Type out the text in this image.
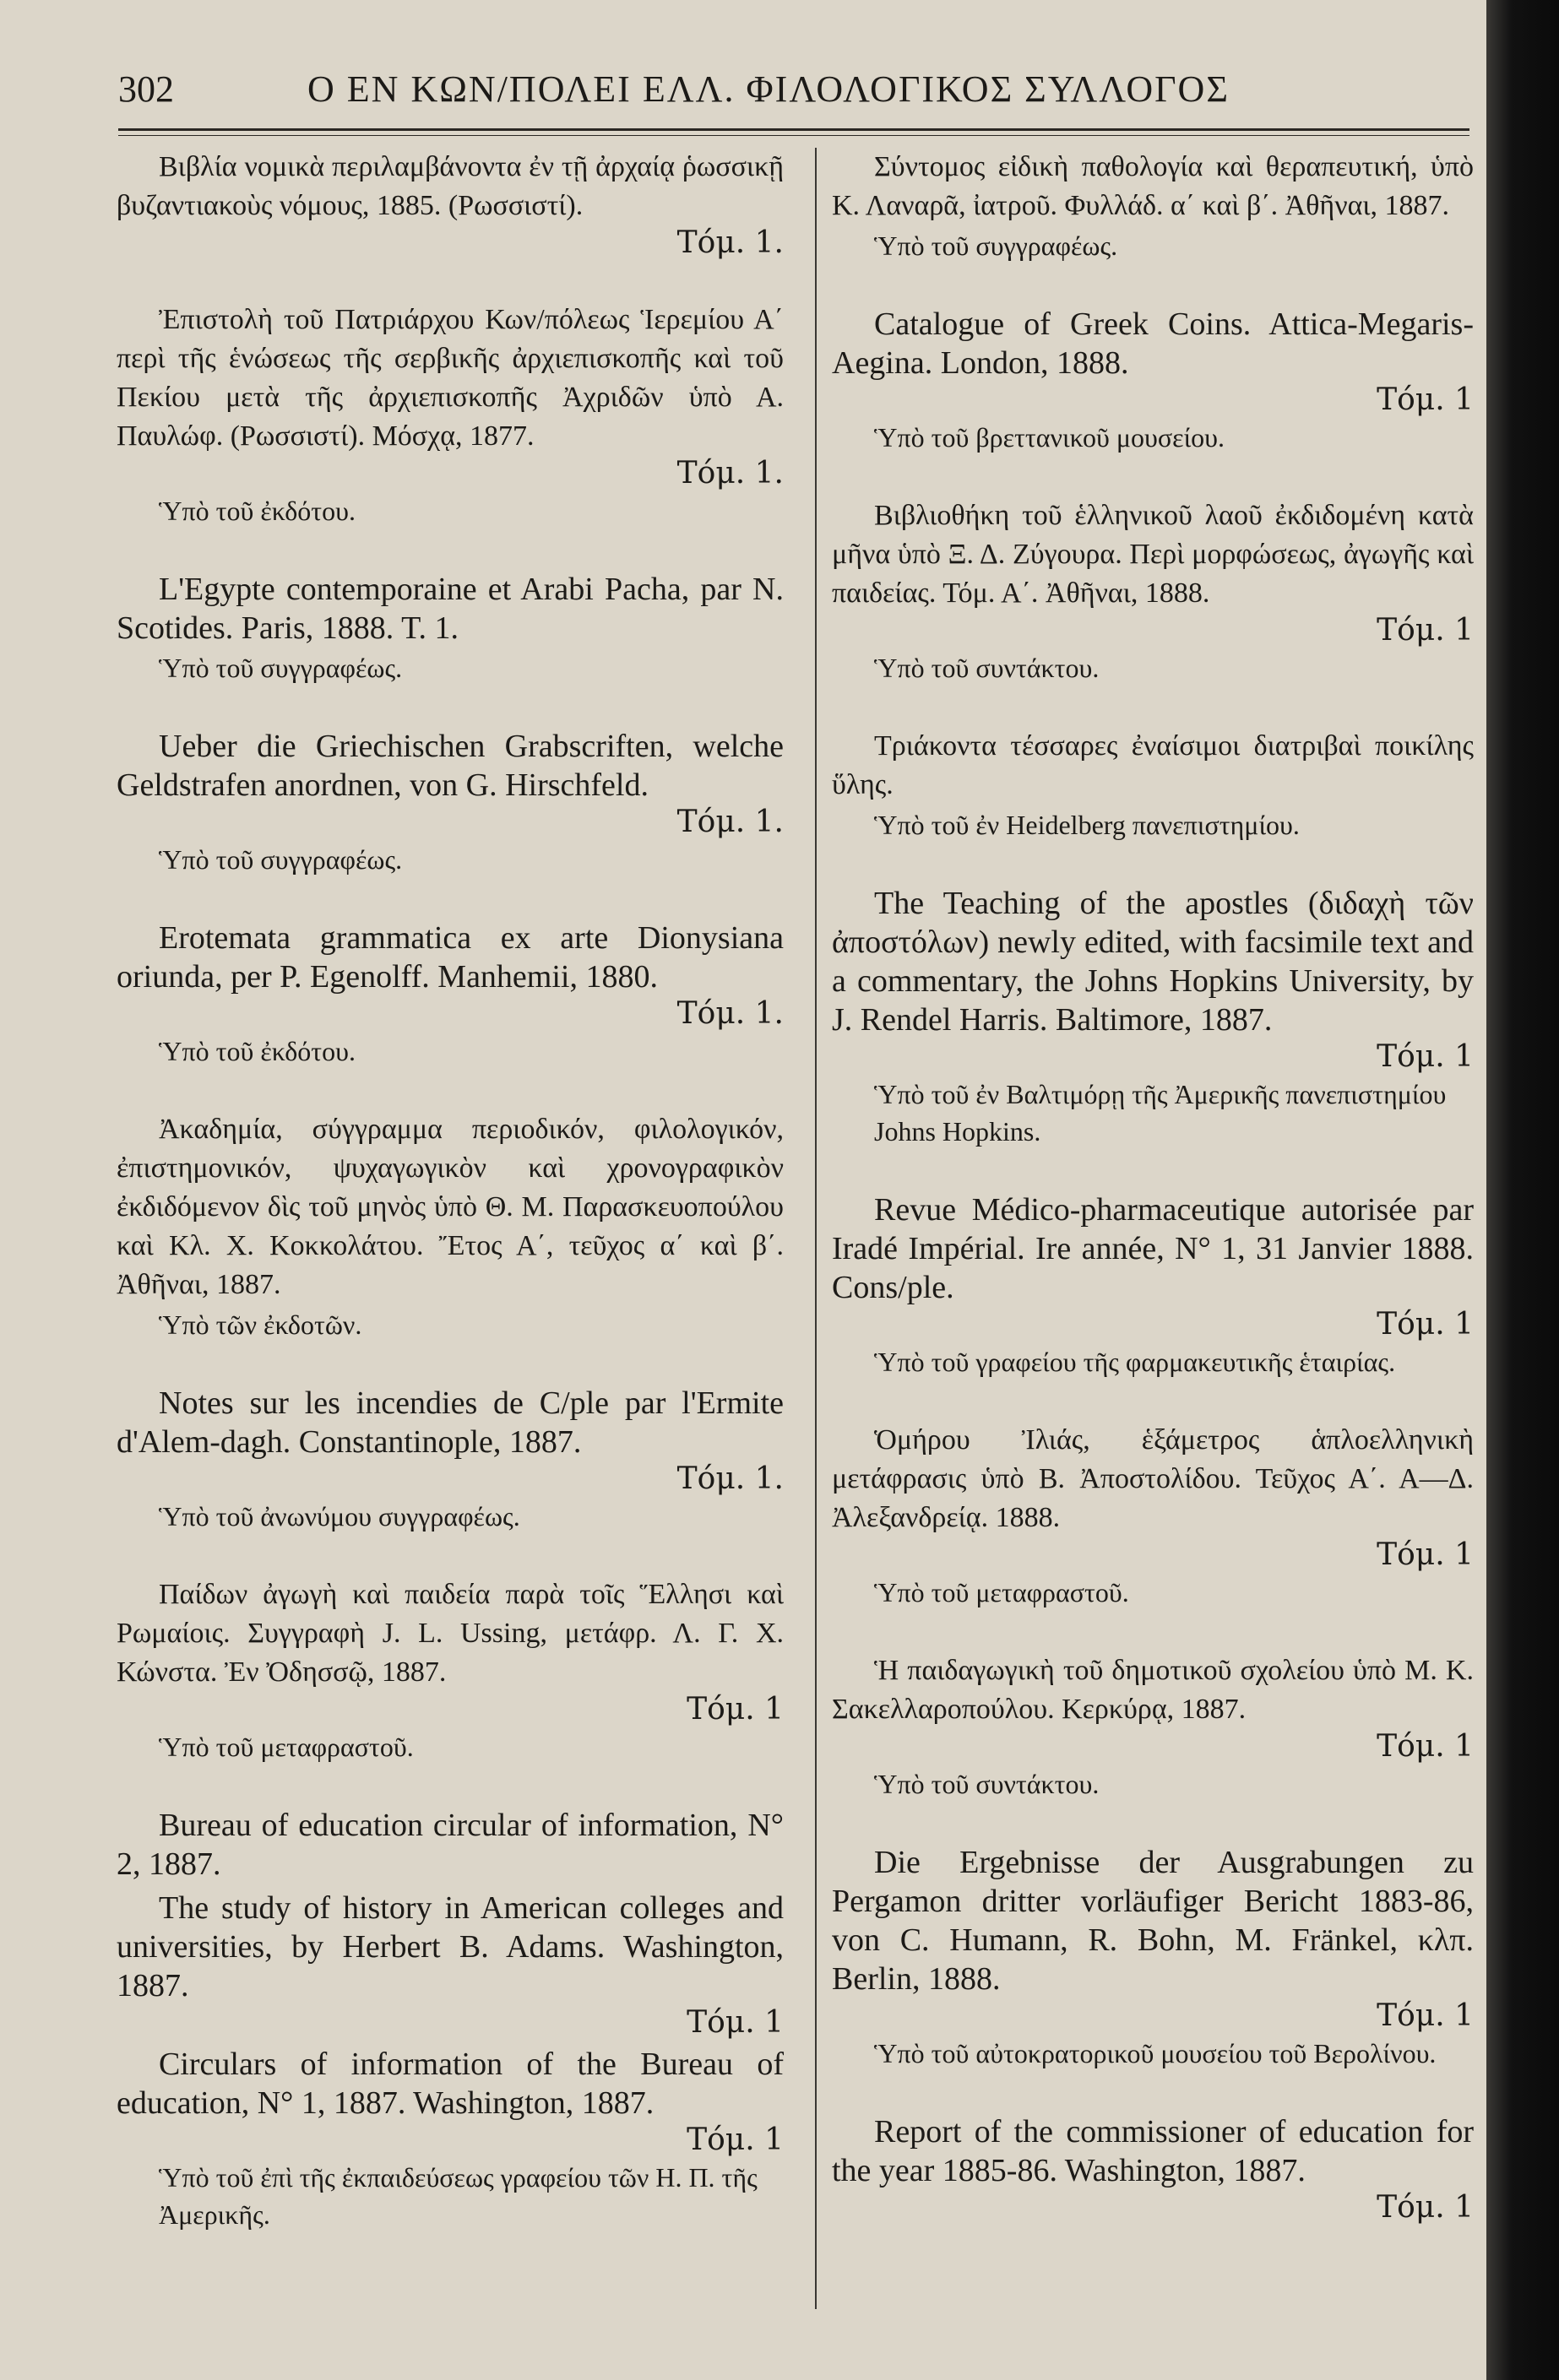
302	Ο ΕΝ ΚΩΝ/ΠΟΛΕΙ ΕΛΛ. ΦΙΛΟΛΟΓΙΚΟΣ ΣΥΛΛΟΓΟΣ

Βιβλία νομικὰ περιλαμβάνοντα ἐν τῇ ἀρχαίᾳ ῥωσσικῇ βυζαντιακοὺς νόμους, 1885. (Ρωσσιστί).

Τόμ. 1.

Ἐπιστολὴ τοῦ Πατριάρχου Κων/πόλεως Ἱερεμίου Α΄ περὶ τῆς ἑνώσεως τῆς σερβικῆς ἀρχιεπισκοπῆς καὶ τοῦ Πεκίου μετὰ τῆς ἀρχιεπισκοπῆς Ἀχριδῶν ὑπὸ Α. Παυλώφ. (Ρωσσιστί). Μόσχᾳ, 1877.

Τόμ. 1.

Ὑπὸ τοῦ ἐκδότου.

L'Egypte contemporaine et Arabi Pacha, par N. Scotides. Paris, 1888. T. 1.

Ὑπὸ τοῦ συγγραφέως.

Ueber die Griechischen Grabscriften, welche Geldstrafen anordnen, von G. Hirschfeld.

Τόμ. 1.

Ὑπὸ τοῦ συγγραφέως.

Erotemata grammatica ex arte Dionysiana oriunda, per P. Egenolff. Manhemii, 1880.

Τόμ. 1.

Ὑπὸ τοῦ ἐκδότου.

Ἀκαδημία, σύγγραμμα περιοδικόν, φιλολογικόν, ἐπιστημονικόν, ψυχαγωγικὸν καὶ χρονογραφικὸν ἐκδιδόμενον δὶς τοῦ μηνὸς ὑπὸ Θ. Μ. Παρασκευοπούλου καὶ Κλ. Χ. Κοκκολάτου. Ἔτος Α΄, τεῦχος α΄ καὶ β΄. Ἀθῆναι, 1887.

Ὑπὸ τῶν ἐκδοτῶν.

Notes sur les incendies de C/ple par l'Ermite d'Alem-dagh. Constantinople, 1887.

Τόμ. 1.

Ὑπὸ τοῦ ἀνωνύμου συγγραφέως.

Παίδων ἀγωγὴ καὶ παιδεία παρὰ τοῖς Ἕλλησι καὶ Ρωμαίοις. Συγγραφὴ J. L. Ussing, μετάφρ. Λ. Γ. Χ. Κώνστα. Ἐν Ὀδησσῷ, 1887.

Τόμ. 1

Ὑπὸ τοῦ μεταφραστοῦ.

Bureau of education circular of information, N° 2, 1887.

The study of history in American colleges and universities, by Herbert B. Adams. Washington, 1887.

Τόμ. 1

Circulars of information of the Bureau of education, N° 1, 1887. Washington, 1887.

Τόμ. 1

Ὑπὸ τοῦ ἐπὶ τῆς ἐκπαιδεύσεως γραφείου τῶν Η. Π. τῆς Ἀμερικῆς.

Σύντομος εἰδικὴ παθολογία καὶ θεραπευτική, ὑπὸ Κ. Λαναρᾶ, ἰατροῦ. Φυλλάδ. α΄ καὶ β΄. Ἀθῆναι, 1887.

Ὑπὸ τοῦ συγγραφέως.

Catalogue of Greek Coins. Attica-Megaris-Aegina. London, 1888.

Τόμ. 1

Ὑπὸ τοῦ βρεττανικοῦ μουσείου.

Βιβλιοθήκη τοῦ ἑλληνικοῦ λαοῦ ἐκδιδομένη κατὰ μῆνα ὑπὸ Ξ. Δ. Ζύγουρα. Περὶ μορφώσεως, ἀγωγῆς καὶ παιδείας. Τόμ. Α΄. Ἀθῆναι, 1888.

Τόμ. 1

Ὑπὸ τοῦ συντάκτου.

Τριάκοντα τέσσαρες ἐναίσιμοι διατριβαὶ ποικίλης ὕλης.

Ὑπὸ τοῦ ἐν Heidelberg πανεπιστημίου.

The Teaching of the apostles (διδαχὴ τῶν ἀποστόλων) newly edited, with facsimile text and a commentary, the Johns Hopkins University, by J. Rendel Harris. Baltimore, 1887.

Τόμ. 1

Ὑπὸ τοῦ ἐν Βαλτιμόρῃ τῆς Ἀμερικῆς πανεπιστημίου Johns Hopkins.

Revue Médico-pharmaceutique autorisée par Iradé Impérial. Ire année, N° 1, 31 Janvier 1888. Cons/ple.

Τόμ. 1

Ὑπὸ τοῦ γραφείου τῆς φαρμακευτικῆς ἑταιρίας.

Ὁμήρου Ἰλιάς, ἑξάμετρος ἁπλοελληνικὴ μετάφρασις ὑπὸ Β. Ἀποστολίδου. Τεῦχος Α΄. Α—Δ. Ἀλεξανδρείᾳ. 1888.

Τόμ. 1

Ὑπὸ τοῦ μεταφραστοῦ.

Ἡ παιδαγωγικὴ τοῦ δημοτικοῦ σχολείου ὑπὸ Μ. Κ. Σακελλαροπούλου. Κερκύρᾳ, 1887.

Τόμ. 1

Ὑπὸ τοῦ συντάκτου.

Die Ergebnisse der Ausgrabungen zu Pergamon dritter vorläufiger Bericht 1883-86, von C. Humann, R. Bohn, M. Fränkel, κλπ. Berlin, 1888.

Τόμ. 1

Ὑπὸ τοῦ αὐτοκρατορικοῦ μουσείου τοῦ Βερολίνου.

Report of the commissioner of education for the year 1885-86. Washington, 1887.

Τόμ. 1
